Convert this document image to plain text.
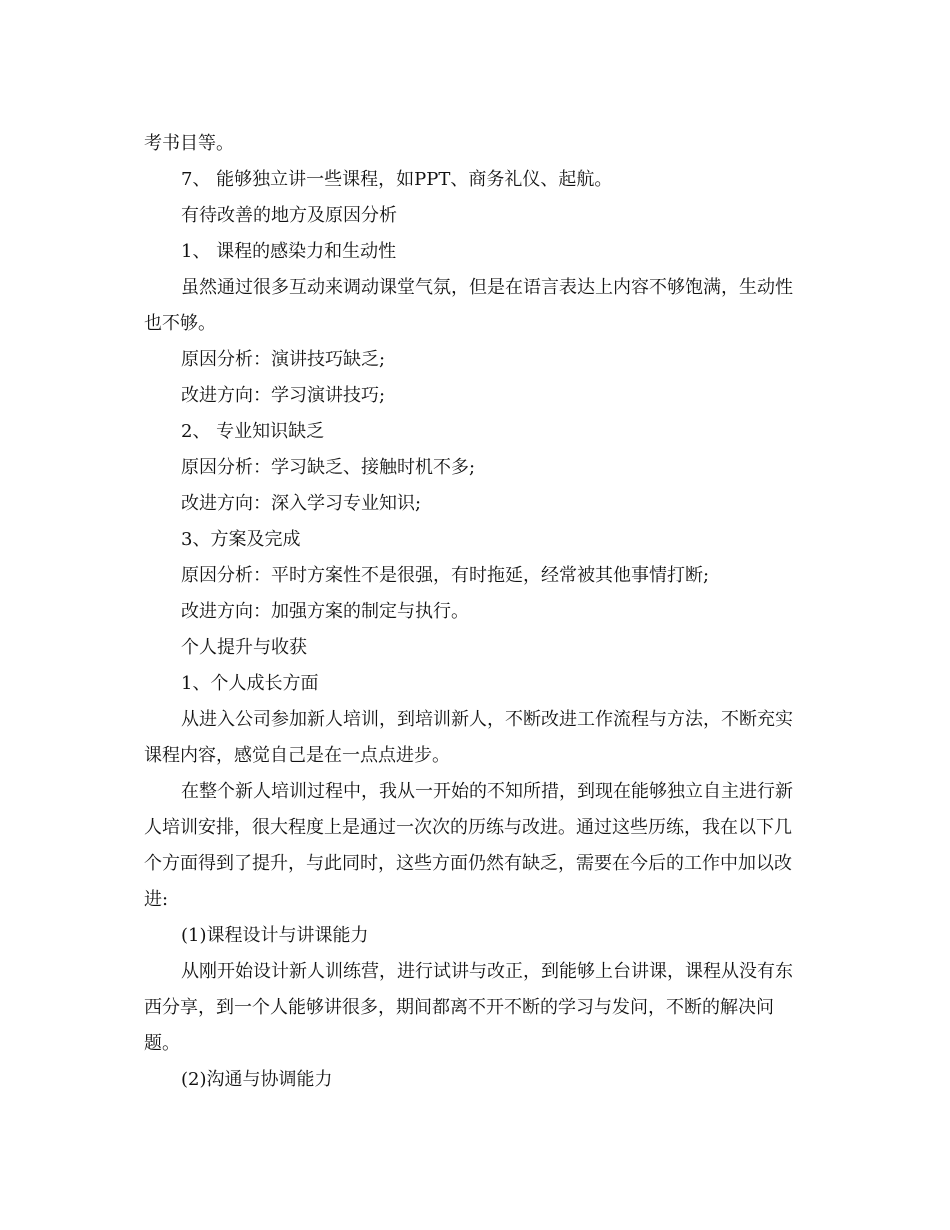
考书目等。

7、 能够独立讲一些课程，如PPT、商务礼仪、起航。

有待改善的地方及原因分析

1、 课程的感染力和生动性

虽然通过很多互动来调动课堂气氛，但是在语言表达上内容不够饱满，生动性也不够。

原因分析：演讲技巧缺乏;

改进方向：学习演讲技巧;

2、 专业知识缺乏

原因分析：学习缺乏、接触时机不多;

改进方向：深入学习专业知识;

3、方案及完成

原因分析：平时方案性不是很强，有时拖延，经常被其他事情打断;

改进方向：加强方案的制定与执行。

个人提升与收获

1、个人成长方面

从进入公司参加新人培训，到培训新人，不断改进工作流程与方法，不断充实课程内容，感觉自己是在一点点进步。

在整个新人培训过程中，我从一开始的不知所措，到现在能够独立自主进行新人培训安排，很大程度上是通过一次次的历练与改进。通过这些历练，我在以下几个方面得到了提升，与此同时，这些方面仍然有缺乏，需要在今后的工作中加以改进:

(1)课程设计与讲课能力

从刚开始设计新人训练营，进行试讲与改正，到能够上台讲课，课程从没有东西分享，到一个人能够讲很多，期间都离不开不断的学习与发问，不断的解决问题。

(2)沟通与协调能力
